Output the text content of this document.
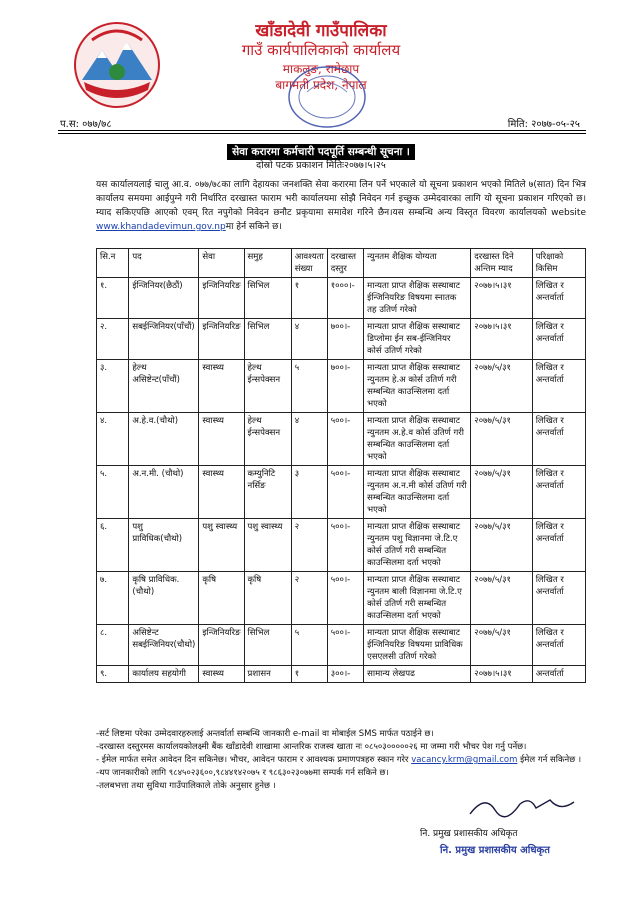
खाँडादेवी गाउँपालिका
गाउँ कार्यपालिकाको कार्यालय
माकलुङ, रामेछाप
बागमती प्रदेश, नेपाल
प.स: ०७७/७८	मिति: २०७७-०५-२५
सेवा करारमा कर्मचारी पदपूर्ति सम्बन्धी सूचना ।
दोस्रो पटक प्रकाशन मितिः२०७७।५।२५
यस कार्यालयलाई चालु आ.व. ०७७/७८का लागि देहायका जनशक्ति सेवा करारमा लिन पर्ने भएकाले यो सूचना प्रकाशन भएको मितिले ७(सात) दिन भित्र कार्यालय समयमा आईपुग्ने गरी निर्धारित दरखास्त फाराम भरी कार्यालयमा सोझै निवेदन गर्न इच्छुक उम्मेदवारका लागि यो सूचना प्रकाशन गरिएको छ।म्याद सकिएपछि आएको एवम् रित नपुगेको निवेदन छनौट प्रकृयामा समावेश गरिने छैन।यस सम्बन्धि अन्य विस्तृत विवरण कार्यालयको website www.khandadevimun.gov.npमा हेर्न सकिने छ।
सि.न	पद	सेवा	समुह	आवश्यता संख्या	दरखास्त दस्तुर	न्युनतम शैक्षिक योग्यता	दरखास्त दिने अन्तिम म्याद	परिक्षाको किसिम
१.	ईन्जिनियर(छैठौं)	इन्जिनियरिङ	सिभिल	१	१०००।-	मान्यता प्राप्त शैक्षिक सस्थाबाट ईन्जिनियरिङ विषयमा स्नातक तह उतिर्ण गरेको	२०७७।५।३१	लिखित र अन्तर्वार्ता
२.	सबईन्जिनियर(पाँचौं)	इन्जिनियरिङ	सिभिल	४	७००।-	मान्यता प्राप्त शैक्षिक सस्थाबाट डिप्लोमा ईन सब-ईन्जिनियर कोर्स उतिर्ण गरेको	२०७७।५।३१	लिखित र अन्तर्वार्ता
३.	हेल्थ असिष्टेन्ट(पाँचौं)	स्वास्थ्य	हेल्थ ईन्सपेक्सन	५	७००।-	मान्यता प्राप्त शैक्षिक सस्थाबाट न्युनतम हे.अ कोर्स उतिर्ण गरी सम्बन्धित काउन्सिलमा दर्ता भएको	२०७७/५/३१	लिखित र अन्तर्वार्ता
४.	अ.हे.व.(चौथो)	स्वास्थ्य	हेल्थ ईन्सपेक्सन	४	५००।-	मान्यता प्राप्त शैक्षिक सस्थाबाट न्युनतम अ.हे.व कोर्स उतिर्ण गरी सम्बन्धित काउन्सिलमा दर्ता भएको	२०७७/५/३१	लिखित र अन्तर्वार्ता
५.	अ.न.मी. (चौथो)	स्वास्थ्य	कम्युनिटि नर्सिङ	३	५००।-	मान्यता प्राप्त शैक्षिक सस्थाबाट न्युनतम अ.न.मी कोर्स उतिर्ण गरी सम्बन्धित काउन्सिलमा दर्ता भएको	२०७७/५/३१	लिखित र अन्तर्वार्ता
६.	पशु प्राविधिक(चौथो)	पशु स्वास्थ्य	पशु स्वास्थ्य	२	५००।-	मान्यता प्राप्त शैक्षिक सस्थाबाट न्युनतम पशु विज्ञानमा जे.टि.ए कोर्स उतिर्ण गरी सम्बन्धित काउन्सिलमा दर्ता भएको	२०७७/५/३१	लिखित र अन्तर्वार्ता
७.	कृषि प्राविधिक.(चौथो)	कृषि	कृषि	२	५००।-	मान्यता प्राप्त शैक्षिक सस्थाबाट न्युनतम बाली विज्ञानमा जे.टि.ए कोर्स उतिर्ण गरी सम्बन्धित काउन्सिलमा दर्ता भएको	२०७७/५/३१	लिखित र अन्तर्वार्ता
८.	असिष्टेन्ट सबईन्जिनियर(चौथो)	इन्जिनियरिङ	सिभिल	५	५००।-	मान्यता प्राप्त शैक्षिक सस्थाबाट ईन्जिनियरिङ विषयमा प्राविधिक एसएलसी उतिर्ण गरेको	२०७७/५/३१	लिखित र अन्तर्वार्ता
९.	कार्यालय सहयोगी	स्वास्थ्य	प्रशासन	१	३००।-	सामान्य लेखपढ	२०७७।५।३१	अन्तर्वार्ता
-सर्ट लिष्टमा परेका उम्मेदवारहरुलाई अन्तर्वार्ता सम्बन्धि जानकारी e-mail वा मोबाईल SMS मार्फत पठाईने छ।
-दरखास्त दस्तुरमस कार्यालयकोलक्ष्मी बैंक खाँडादेवी शाखामा आन्तरिक राजस्व खाता नः ०८५०३०००००२६ मा जम्मा गरी भौचर पेश गर्नु पर्नेछ।
- ईमेल मार्फत समेत आवेदन दिन सकिनेछ। भौचर, आवेदन फाराम र आवश्यक प्रमाणपत्रहरु स्कान गरेर vacancy.krm@gmail.com ईमेल गर्न सकिनेछ ।
-थप जानकारीको लागि ९८४५०२३६००,९८४४१४२०७५ र ९८६३०२३०७७मा सम्पर्क गर्न सकिने छ।
-तलबभत्ता तथा सुविधा गाउँपालिकाले तोके अनुसार हुनेछ ।
नि. प्रमुख प्रशासकीय अधिकृत
नि. प्रमुख प्रशासकीय अधिकृत
